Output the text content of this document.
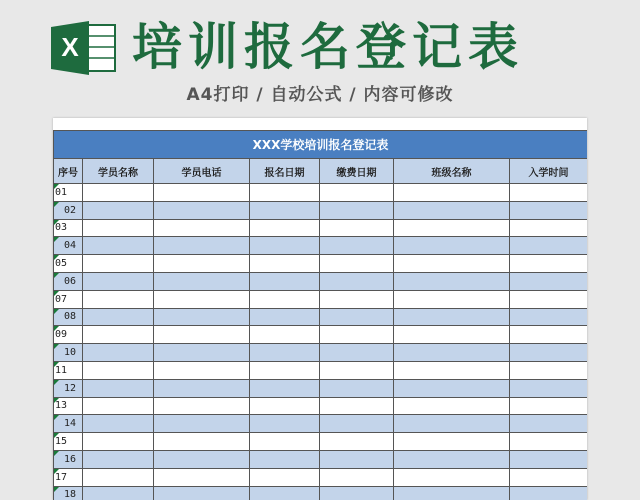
X 培训报名登记表
A4打印 / 自动公式 / 内容可修改
XXX学校培训报名登记表						
序号	学员名称	学员电话	报名日期	缴费日期	班级名称	入学时间
01						
02						
03						
04						
05						
06						
07						
08						
09						
10						
11						
12						
13						
14						
15						
16						
17						
18						
